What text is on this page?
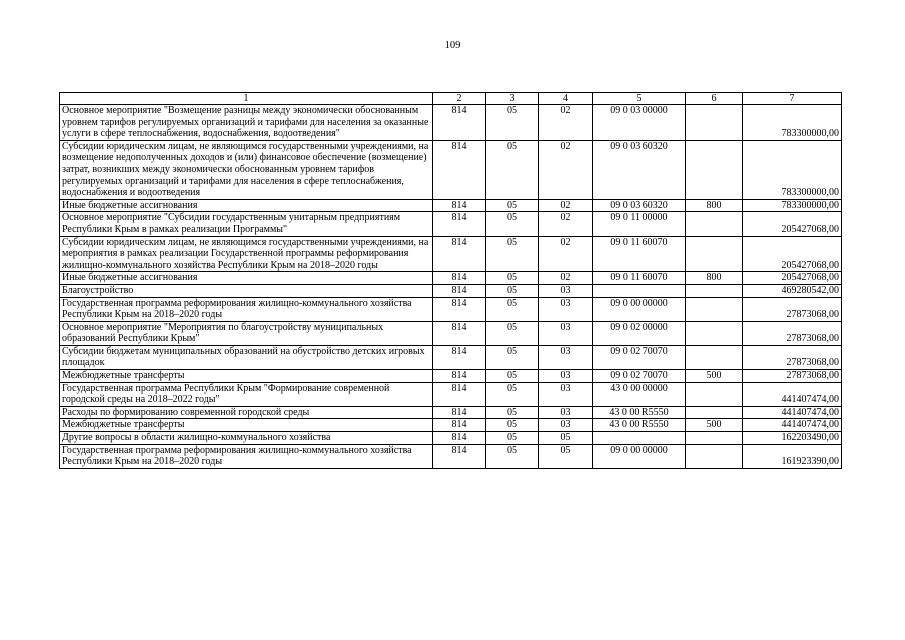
109
1	2	3	4	5	6	7
Основное мероприятие "Возмещение разницы между экономически обоснованным уровнем тарифов регулируемых организаций и тарифами для населения за оказанные услуги в сфере теплоснабжения, водоснабжения, водоотведения"	814	05	02	09 0 03 00000		783300000,00
Субсидии юридическим лицам, не являющимся государственными учреждениями, на возмещение недополученных доходов и (или) финансовое обеспечение (возмещение) затрат, возникших между экономически обоснованным уровнем тарифов регулируемых организаций и тарифами для населения в сфере теплоснабжения, водоснабжения и водоотведения	814	05	02	09 0 03 60320		783300000,00
Иные бюджетные ассигнования	814	05	02	09 0 03 60320	800	783300000,00
Основное мероприятие "Субсидии государственным унитарным предприятиям Республики Крым в рамках реализации Программы"	814	05	02	09 0 11 00000		205427068,00
Субсидии юридическим лицам, не являющимся государственными учреждениями, на мероприятия в рамках реализации Государственной программы реформирования жилищно-коммунального хозяйства Республики Крым на 2018–2020 годы	814	05	02	09 0 11 60070		205427068,00
Иные бюджетные ассигнования	814	05	02	09 0 11 60070	800	205427068,00
Благоустройство	814	05	03			469280542,00
Государственная программа реформирования жилищно-коммунального хозяйства Республики Крым на 2018–2020 годы	814	05	03	09 0 00 00000		27873068,00
Основное мероприятие "Мероприятия по благоустройству муниципальных образований Республики Крым"	814	05	03	09 0 02 00000		27873068,00
Субсидии бюджетам муниципальных образований на обустройство детских игровых площадок	814	05	03	09 0 02 70070		27873068,00
Межбюджетные трансферты	814	05	03	09 0 02 70070	500	27873068,00
Государственная программа Республики Крым "Формирование современной городской среды на 2018–2022 годы"	814	05	03	43 0 00 00000		441407474,00
Расходы по формированию современной городской среды	814	05	03	43 0 00 R5550		441407474,00
Межбюджетные трансферты	814	05	03	43 0 00 R5550	500	441407474,00
Другие вопросы в области жилищно-коммунального хозяйства	814	05	05			162203490,00
Государственная программа реформирования жилищно-коммунального хозяйства Республики Крым на 2018–2020 годы	814	05	05	09 0 00 00000		161923390,00
